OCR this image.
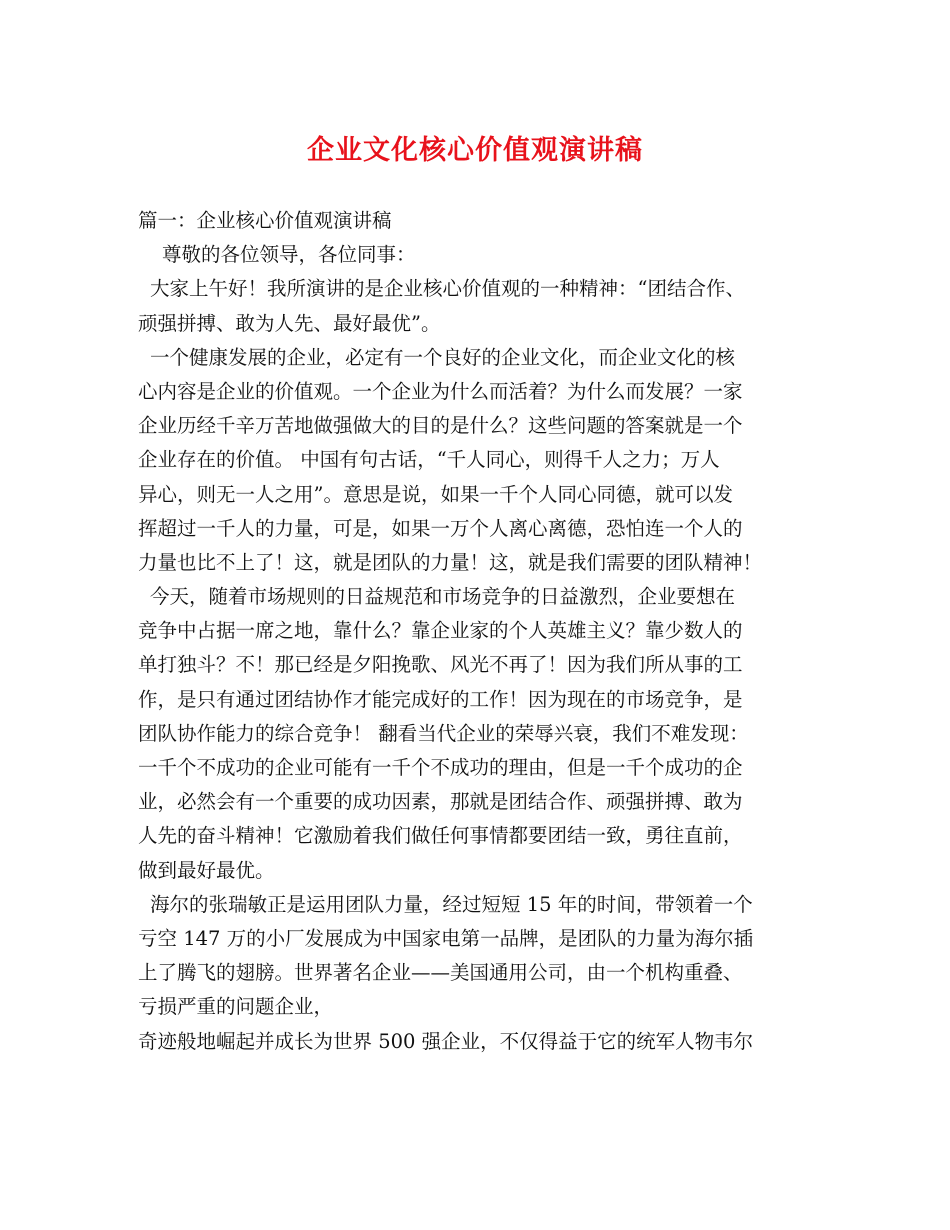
企业文化核心价值观演讲稿
篇一：企业核心价值观演讲稿
尊敬的各位领导，各位同事：
大家上午好！我所演讲的是企业核心价值观的一种精神：“团结合作、
顽强拼搏、敢为人先、最好最优”。
一个健康发展的企业，必定有一个良好的企业文化，而企业文化的核
心内容是企业的价值观。一个企业为什么而活着？为什么而发展？一家
企业历经千辛万苦地做强做大的目的是什么？这些问题的答案就是一个
企业存在的价值。 中国有句古话，“千人同心，则得千人之力；万人
异心，则无一人之用”。意思是说，如果一千个人同心同德，就可以发
挥超过一千人的力量，可是，如果一万个人离心离德，恐怕连一个人的
力量也比不上了！这，就是团队的力量！这，就是我们需要的团队精神！
今天，随着市场规则的日益规范和市场竞争的日益激烈，企业要想在
竞争中占据一席之地，靠什么？靠企业家的个人英雄主义？靠少数人的
单打独斗？不！那已经是夕阳挽歌、风光不再了！因为我们所从事的工
作，是只有通过团结协作才能完成好的工作！因为现在的市场竞争，是
团队协作能力的综合竞争！ 翻看当代企业的荣辱兴衰，我们不难发现：
一千个不成功的企业可能有一千个不成功的理由，但是一千个成功的企
业，必然会有一个重要的成功因素，那就是团结合作、顽强拼搏、敢为
人先的奋斗精神！它激励着我们做任何事情都要团结一致，勇往直前，
做到最好最优。
海尔的张瑞敏正是运用团队力量，经过短短 15 年的时间，带领着一个
亏空 147 万的小厂发展成为中国家电第一品牌，是团队的力量为海尔插
上了腾飞的翅膀。世界著名企业——美国通用公司，由一个机构重叠、
亏损严重的问题企业，
奇迹般地崛起并成长为世界 500 强企业，不仅得益于它的统军人物韦尔
